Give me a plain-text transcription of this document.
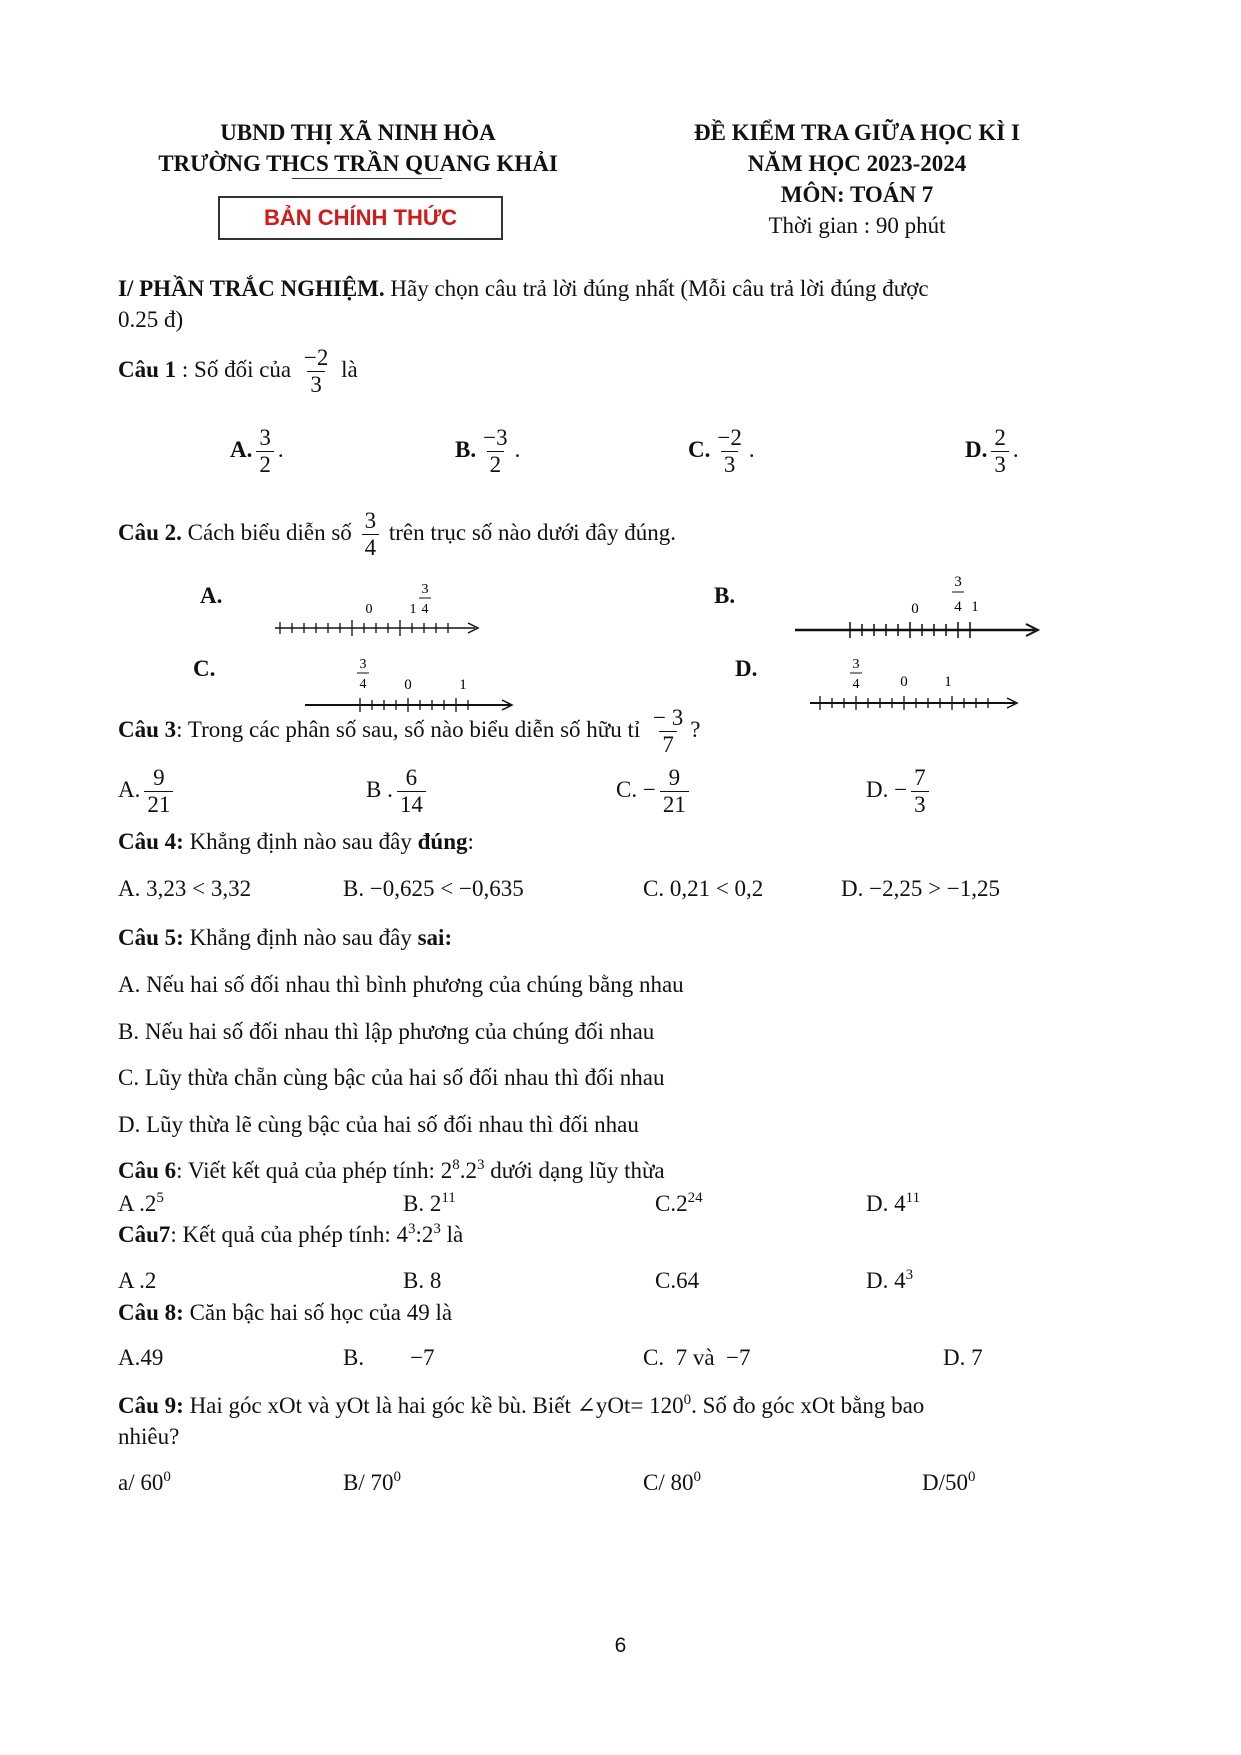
UBND THỊ XÃ NINH HÒA
TRƯỜNG THCS TRẦN QUANG KHẢI
BẢN CHÍNH THỨC
ĐỀ KIỂM TRA GIỮA HỌC KÌ I
NĂM HỌC 2023-2024
MÔN: TOÁN 7
Thời gian : 90 phút
I/ PHẦN TRẮC NGHIỆM. Hãy chọn câu trả lời đúng nhất (Mỗi câu trả lời đúng được
0.25 đ)
Câu 1 : Số đối của $\frac{-2}{3}$ là
A. $\frac{3}{2}$ .	B. $\frac{-3}{2}$ .	C. $\frac{-2}{3}$ .	D. $\frac{2}{3}$ .
Câu 2. Cách biểu diễn số $\frac{3}{4}$ trên trục số nào dưới đây đúng.
A.	B.
C.	D.
0	1
3
4	0
3
4 1
3
4	0	1
3
4	0 1
Câu 3: Trong các phân số sau, số nào biểu diễn số hữu tỉ $\frac{- 3}{7}$ ?
A. $\frac{9}{21}$	B . $\frac{6}{14}$	C. − $\frac{9}{21}$	D. − $\frac{7}{3}$
Câu 4: Khẳng định nào sau đây đúng:
A. 3,23 < 3,32	B. −0,625 < −0,635	C. 0,21 < 0,2	D. −2,25 > −1,25
Câu 5: Khẳng định nào sau đây sai:
A. Nếu hai số đối nhau thì bình phương của chúng bằng nhau
B. Nếu hai số đối nhau thì lập phương của chúng đối nhau
C. Lũy thừa chẵn cùng bậc của hai số đối nhau thì đối nhau
D. Lũy thừa lẽ cùng bậc của hai số đối nhau thì đối nhau
Câu 6: Viết kết quả của phép tính: $2^8.2^3$ dưới dạng lũy thừa
A $.2^5$	B. $2^{11}$	$C.2^{24}$	D. $4^{11}$
Câu7: Kết quả của phép tính: $4^3:2^3$ là
A .2	B. 8	C.64	D. $4^3$
Câu 8: Căn bậc hai số học của 49 là
A.49	B.        −7	C.  7 và  −7	D. 7
Câu 9: Hai góc xOt và yOt là hai góc kề bù. Biết ∠yOt= $120^0$. Số đo góc xOt bằng bao
nhiêu?
a/ $60^0$	B/ $70^0$	C/ $80^0$	$D/50^0$
6
